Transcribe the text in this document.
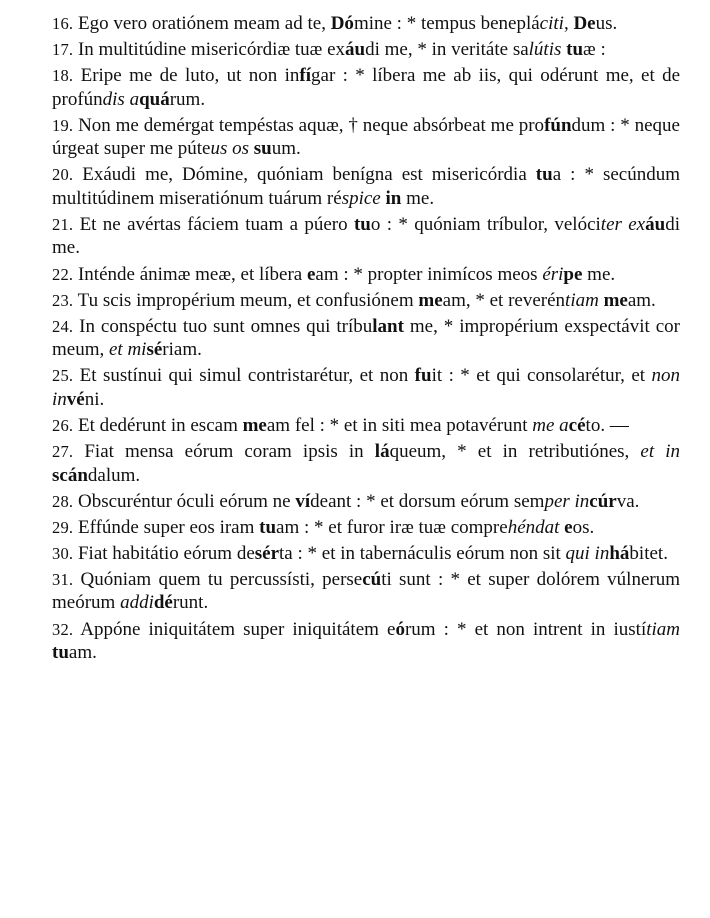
16. Ego vero oratiónem meam ad te, Dómine : * tempus benepláciti, Deus.

17. In multitúdine misericórdiæ tuæ exáudi me, * in veritáte salútis tuæ :

18. Eripe me de luto, ut non infígar : * líbera me ab iis, qui odérunt me, et de profúndis aquárum.

19. Non me demérgat tempéstas aquæ, † neque absórbeat me profúndum : * neque úrgeat super me púteus os suum.

20. Exáudi me, Dómine, quóniam benígna est misericórdia tua : * secúndum multitúdinem miseratiónum tuárum réspice in me.

21. Et ne avértas fáciem tuam a púero tuo : * quóniam tríbulor, velóciter exáudi me.

22. Inténde ánimæ meæ, et líbera eam : * propter inimícos meos éripe me.

23. Tu scis impropérium meum, et confusiónem meam, * et reveréntiam meam.

24. In conspéctu tuo sunt omnes qui tríbulant me, * impropérium exspectávit cor meum, et misériam.

25. Et sustínui qui simul contristarétur, et non fuit : * et qui consolarétur, et non invéni.

26. Et dedérunt in escam meam fel : * et in siti mea potavérunt me acéto. —

27. Fiat mensa eórum coram ipsis in láqueum, * et in retributiónes, et in scándalum.

28. Obscuréntur óculi eórum ne vídeant : * et dorsum eórum semper incúrva.

29. Effúnde super eos iram tuam : * et furor iræ tuæ comprehéndat eos.

30. Fiat habitátio eórum desérta : * et in tabernáculis eórum non sit qui inhábitet.

31. Quóniam quem tu percussísti, persecúti sunt : * et super dolórem vúlnerum meórum addidérunt.

32. Appóne iniquitátem super iniquitátem eórum : * et non intrent in iustítiam tuam.
